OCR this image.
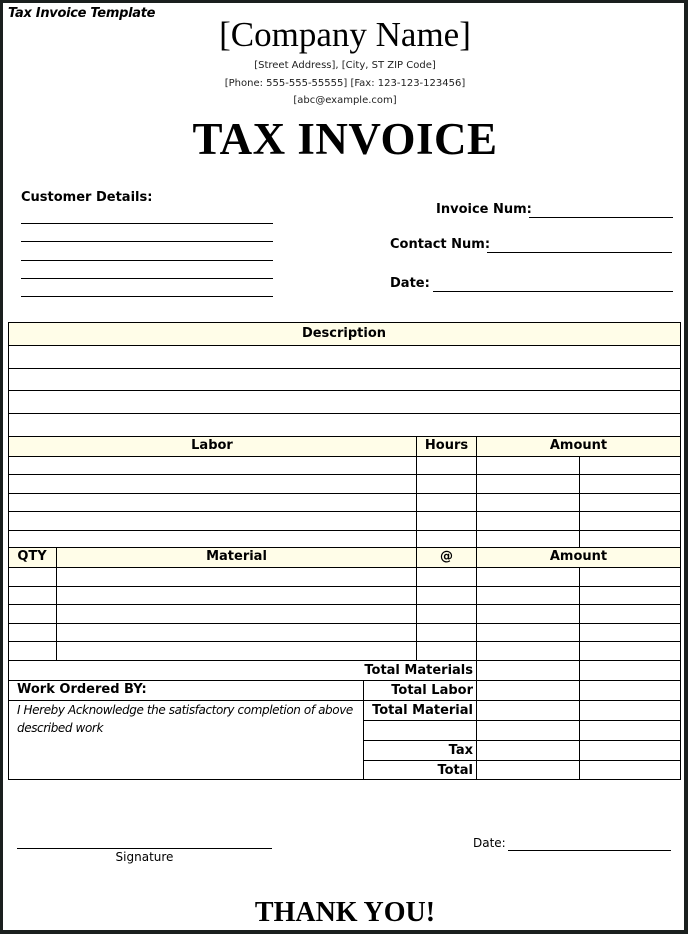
Tax Invoice Template
[Company Name]
[Street Address], [City, ST ZIP Code]
[Phone: 555-555-55555] [Fax: 123-123-123456]
[abc@example.com]
TAX INVOICE
Customer Details:
Invoice Num:
Contact Num:
Date:
Description
Labor	Hours	Amount
QTY	Material	@	Amount
Total Materials
Work Ordered BY:
I Hereby Acknowledge the satisfactory completion of above described work
Total Labor
Total Material
Tax
Total
Signature
Date:
THANK YOU!
